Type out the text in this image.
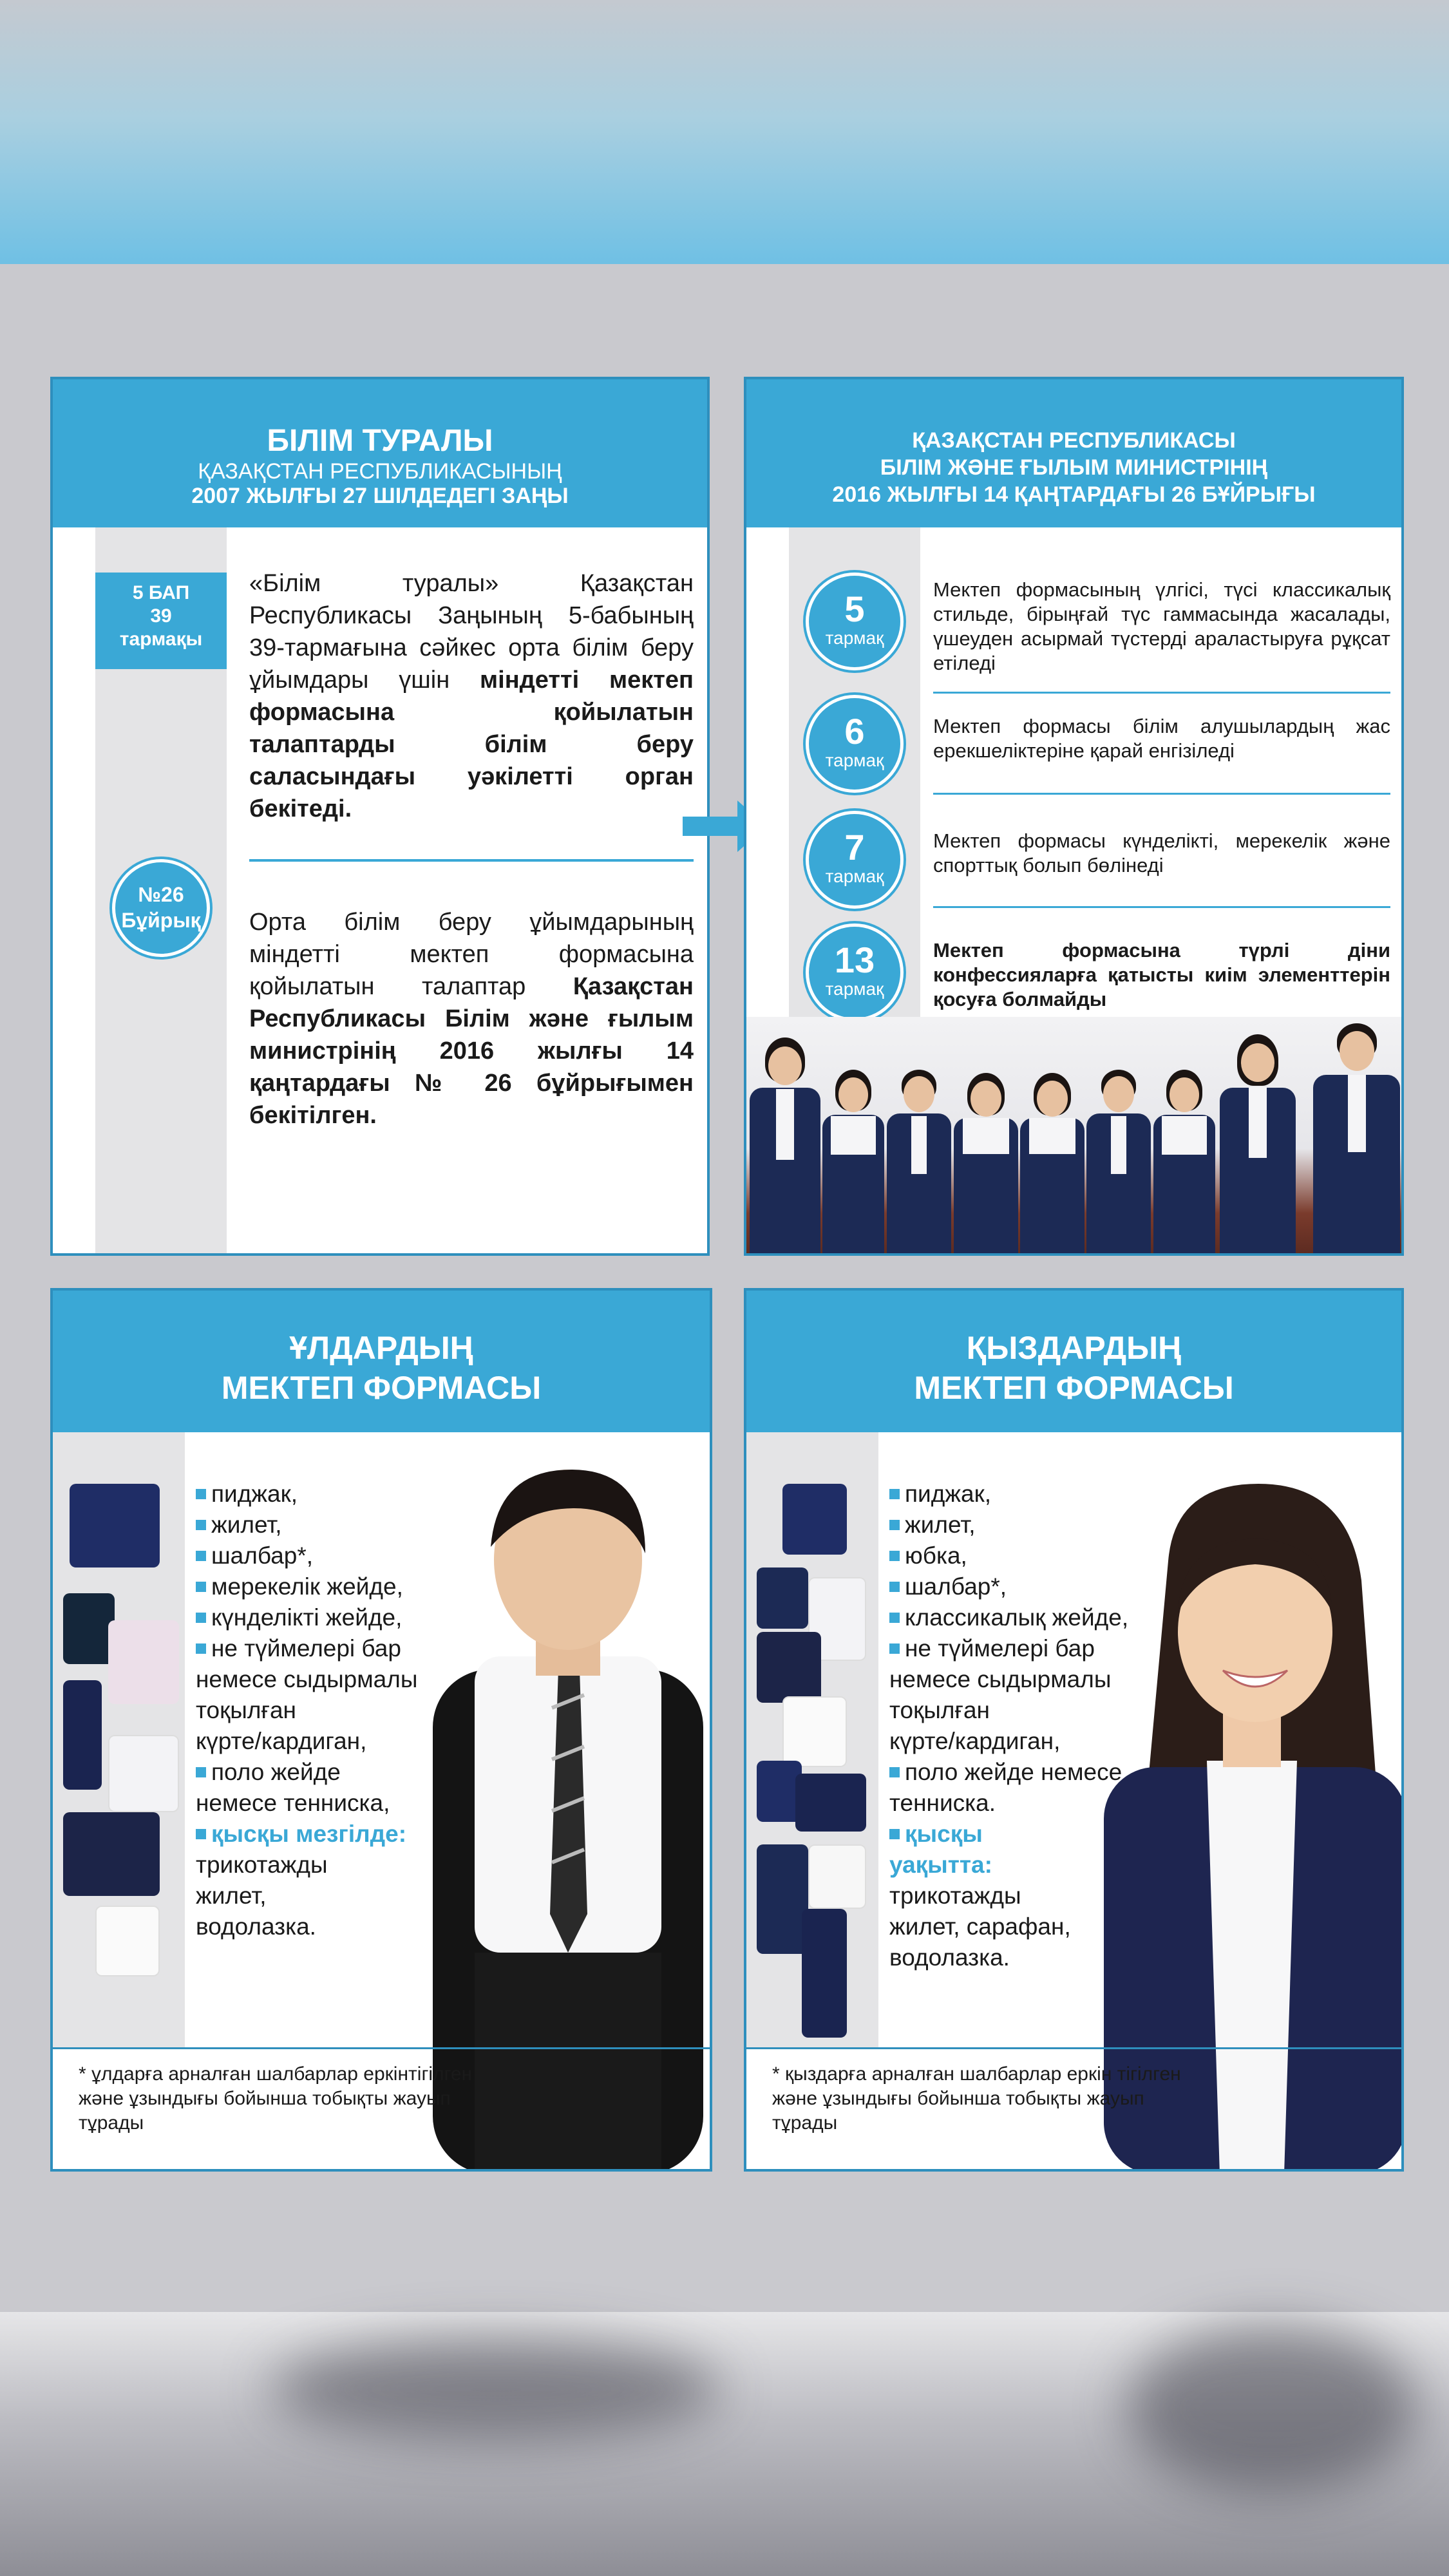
БІЛІМ ТУРАЛЫ
ҚАЗАҚСТАН РЕСПУБЛИКАСЫНЫҢ
2007 ЖЫЛҒЫ 27 ШІЛДЕДЕГІ ЗАҢЫ
5 БАП
39
тармақы
№26
Бұйрық
«Білім туралы» Қазақстан Республикасы Заңының 5-бабының 39-тармағына сәйкес орта білім беру ұйымдары үшін міндетті мектеп формасына қойылатын талаптарды білім беру саласындағы уәкілетті орган бекітеді.
Орта білім беру ұйымдарының міндетті мектеп формасына қойылатын талаптар Қазақстан Республикасы Білім және ғылым министрінің 2016 жылғы 14 қаңтардағы № 26 бұйрығымен бекітілген.
ҚАЗАҚСТАН РЕСПУБЛИКАСЫ
БІЛІМ ЖӘНЕ ҒЫЛЫМ МИНИСТРІНІҢ
2016 ЖЫЛҒЫ 14 ҚАҢТАРДАҒЫ 26 БҰЙРЫҒЫ
5
тармақ
Мектеп формасының үлгісі, түсі классикалық стильде, бірыңғай түс гаммасында жасалады, үшеуден асырмай түстерді араластыруға рұқсат етіледі
6
тармақ
Мектеп формасы білім алушылардың жас ерекшеліктеріне қарай енгізіледі
7
тармақ
Мектеп формасы күнделікті, мерекелік және спорттық болып бөлінеді
13
тармақ
Мектеп формасына түрлі діни конфессияларға қатысты киім элементтерін қосуға болмайды
ҰЛДАРДЫҢ
МЕКТЕП ФОРМАСЫ
пиджак,
жилет,
шалбар*,
мерекелік жейде,
күнделікті жейде,
не түймелері бар
немесе сыдырмалы
тоқылған
күрте/кардиган,
поло жейде
немесе тенниска,
қысқы мезгілде:
трикотажды
жилет,
водолазка.
* ұлдарға арналған шалбарлар еркінтігілген және ұзындығы бойынша тобықты жауып тұрады
ҚЫЗДАРДЫҢ
МЕКТЕП ФОРМАСЫ
пиджак,
жилет,
юбка,
шалбар*,
классикалық жейде,
не түймелері бар
немесе сыдырмалы
тоқылған
күрте/кардиган,
поло жейде немесе
тенниска.
қысқы
уақытта:
трикотажды
жилет, сарафан,
водолазка.
* қыздарға арналған шалбарлар еркін тігілген және ұзындығы бойынша тобықты жауып тұрады
